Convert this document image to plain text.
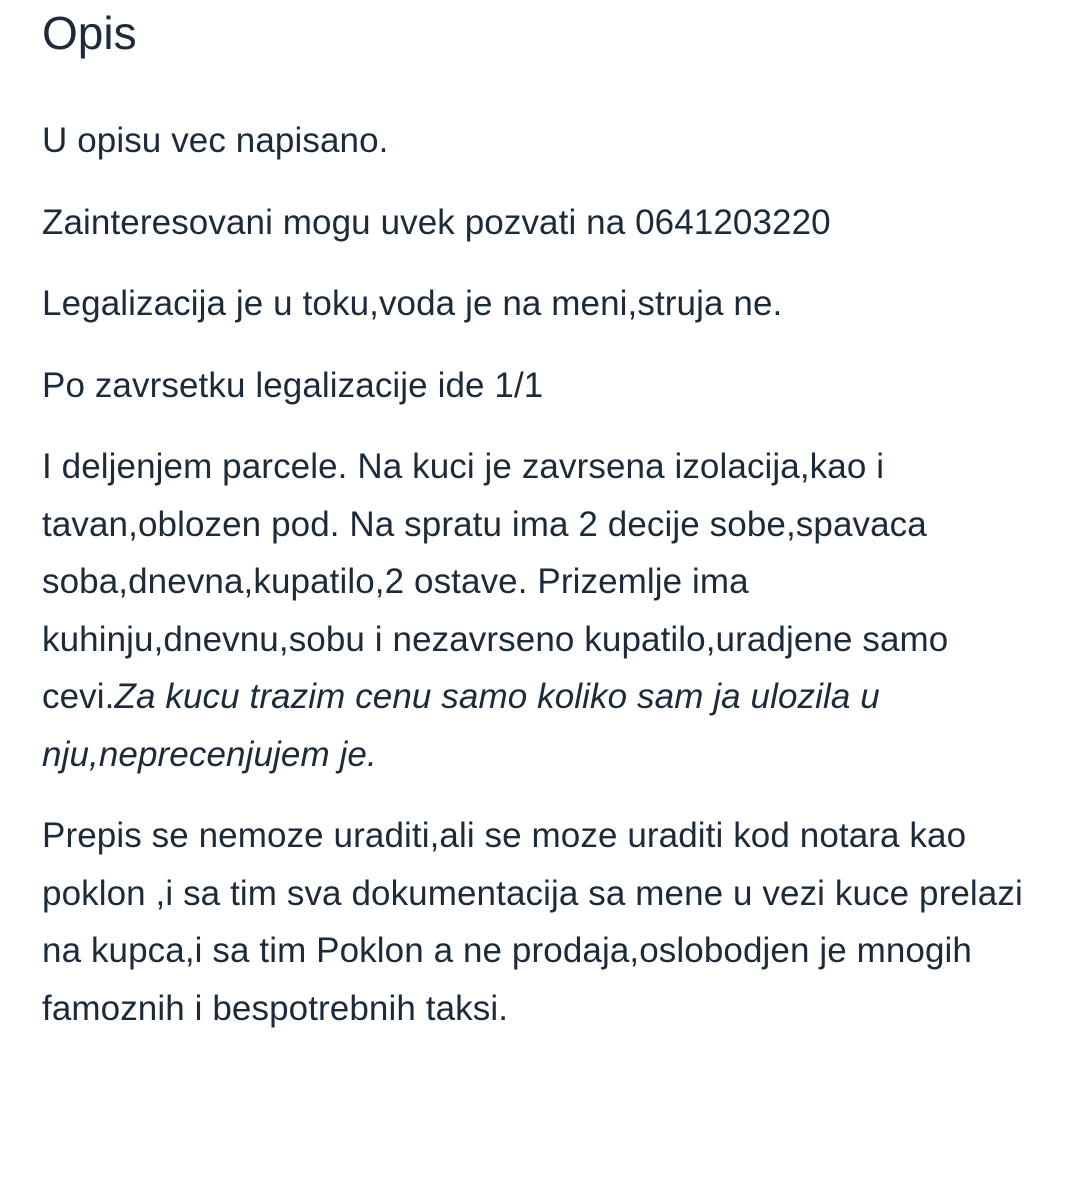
Opis

U opisu vec napisano.

Zainteresovani mogu uvek pozvati na 0641203220

Legalizacija je u toku,voda je na meni,struja ne.

Po zavrsetku legalizacije ide 1/1

I deljenjem parcele. Na kuci je zavrsena izolacija,kao i tavan,oblozen pod. Na spratu ima 2 decije sobe,spavaca soba,dnevna,kupatilo,2 ostave. Prizemlje ima kuhinju,dnevnu,sobu i nezavrseno kupatilo,uradjene samo cevi.Za kucu trazim cenu samo koliko sam ja ulozila u nju,neprecenjujem je.

Prepis se nemoze uraditi,ali se moze uraditi kod notara kao poklon ,i sa tim sva dokumentacija sa mene u vezi kuce prelazi na kupca,i sa tim Poklon a ne prodaja,oslobodjen je mnogih famoznih i bespotrebnih taksi.
